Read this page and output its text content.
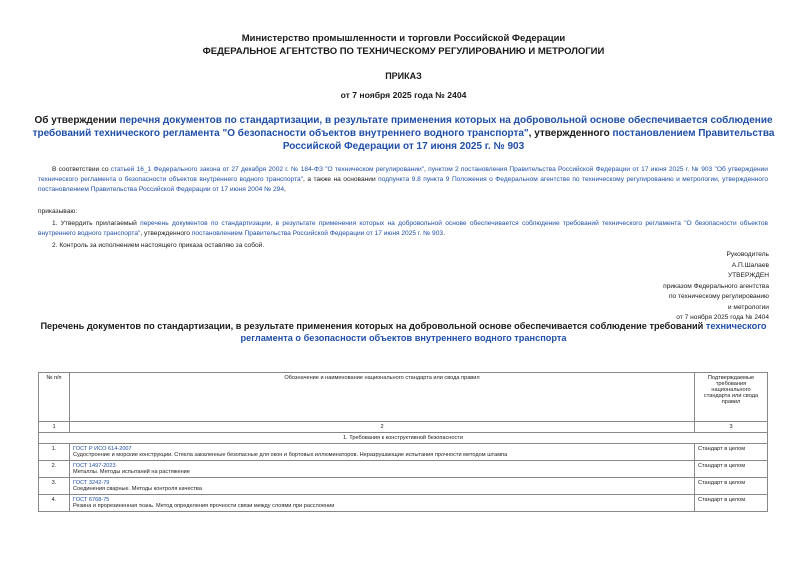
Министерство промышленности и торговли Российской Федерации
ФЕДЕРАЛЬНОЕ АГЕНТСТВО ПО ТЕХНИЧЕСКОМУ РЕГУЛИРОВАНИЮ И МЕТРОЛОГИИ
ПРИКАЗ
от 7 ноября 2025 года № 2404
Об утверждении перечня документов по стандартизации, в результате применения которых на добровольной основе обеспечивается соблюдение требований технического регламента "О безопасности объектов внутреннего водного транспорта", утвержденного постановлением Правительства Российской Федерации от 17 июня 2025 г. № 903
В соответствии со статьей 16_1 Федерального закона от 27 декабря 2002 г. № 184-ФЗ "О техническом регулировании", пунктом 2 постановления Правительства Российской Федерации от 17 июня 2025 г. № 903 "Об утверждении технического регламента о безопасности объектов внутреннего водного транспорта", а также на основании подпункта 9.8 пункта 9 Положения о Федеральном агентстве по техническому регулированию и метрологии, утвержденного постановлением Правительства Российской Федерации от 17 июня 2004 № 294,
приказываю:
1. Утвердить прилагаемый перечень документов по стандартизации, в результате применения которых на добровольной основе обеспечивается соблюдение требований технического регламента "О безопасности объектов внутреннего водного транспорта", утвержденного постановлением Правительства Российской Федерации от 17 июня 2025 г. № 903.
2. Контроль за исполнением настоящего приказа оставляю за собой.
Руководитель
А.П.Шалаев
УТВЕРЖДЕН
приказом Федерального агентства
по техническому регулированию
и метрологии
от 7 ноября 2025 года № 2404
Перечень документов по стандартизации, в результате применения которых на добровольной основе обеспечивается соблюдение требований технического регламента о безопасности объектов внутреннего водного транспорта
№ п/п	Обозначение и наименование национального стандарта или свода правил	Подтверждаемые требования национального стандарта или свода правил
1	2	3
1. Требования к конструктивной безопасности		
1.	ГОСТ Р ИСО 614-2007
Судостроение и морские конструкции. Стекла закаленные безопасные для окон и бортовых иллюминаторов. Неразрушающие испытания прочности методом штампа	Стандарт в целом
2.	ГОСТ 1497-2023
Металлы. Методы испытаний на растяжение	Стандарт в целом
3.	ГОСТ 3242-79
Соединения сварные. Методы контроля качества	Стандарт в целом
4.	ГОСТ 6768-75
Резина и прорезиненная ткань. Метод определения прочности связи между слоями при расслоении	Стандарт в целом
